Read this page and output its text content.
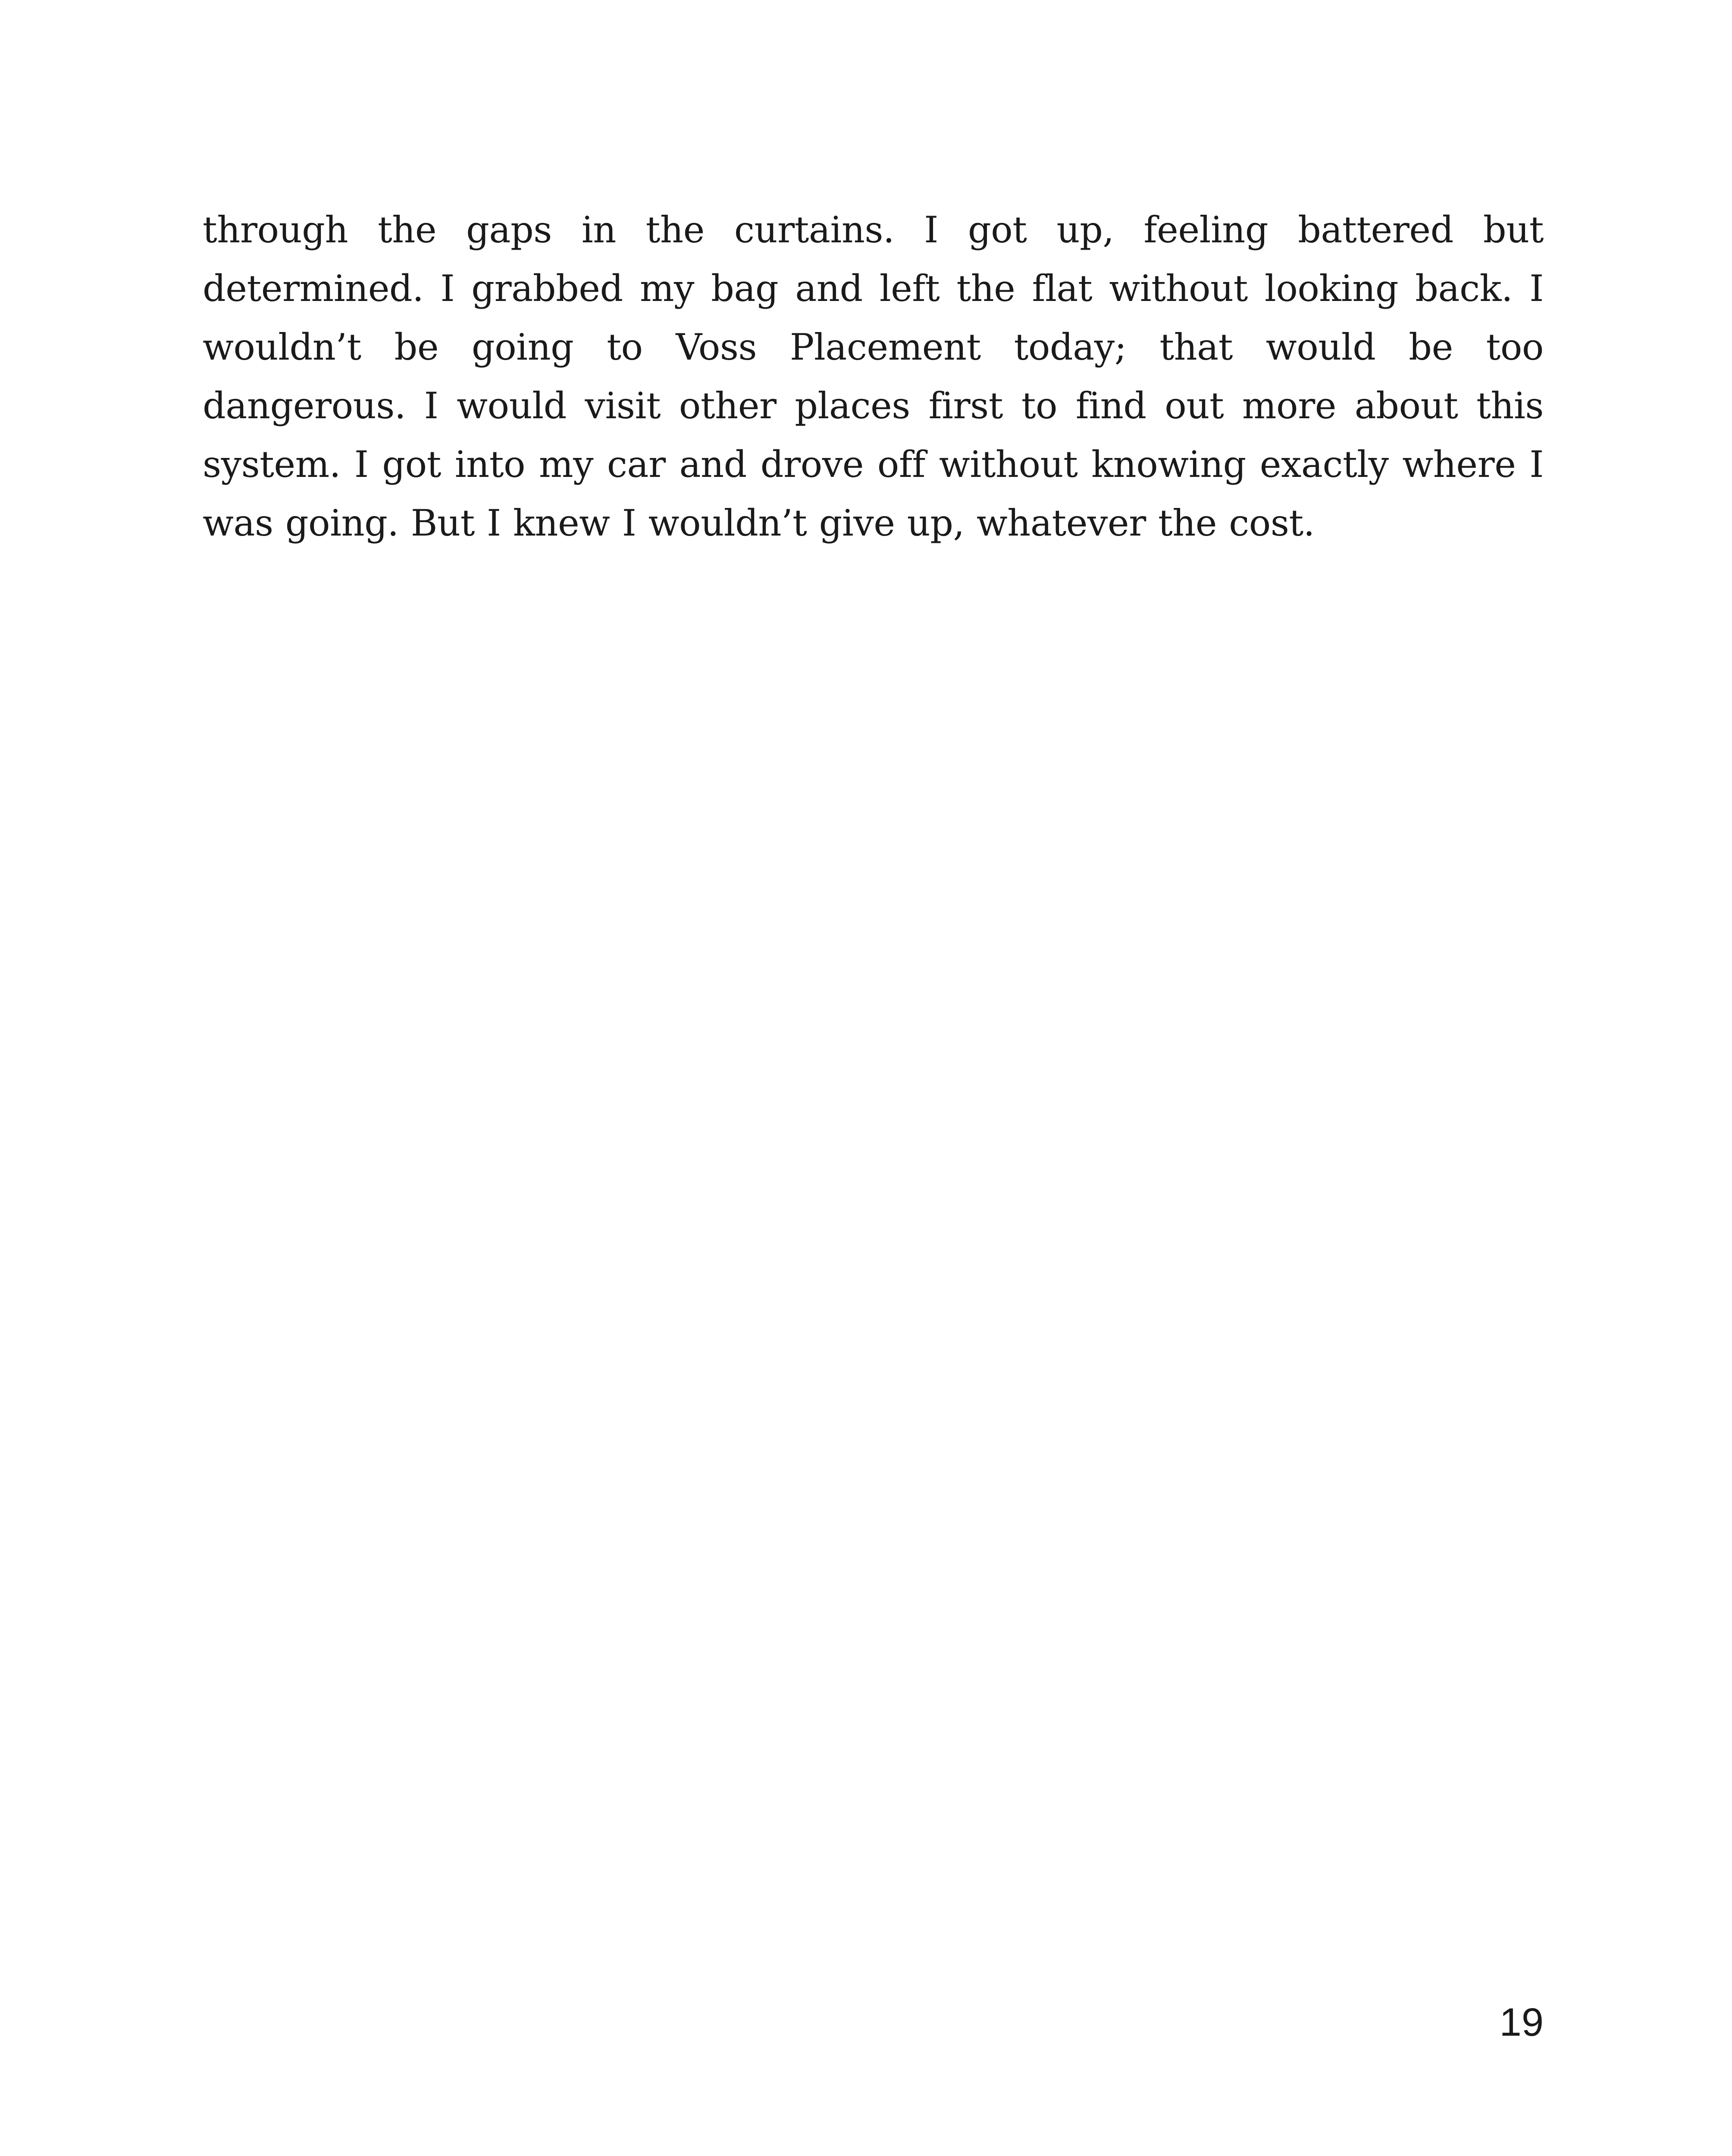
through the gaps in the curtains. I got up, feeling battered but determined. I grabbed my bag and left the flat without looking back. I wouldn’t be going to Voss Placement today; that would be too dangerous. I would visit other places first to find out more about this system. I got into my car and drove off without knowing exactly where I was going. But I knew I wouldn’t give up, whatever the cost.

19
